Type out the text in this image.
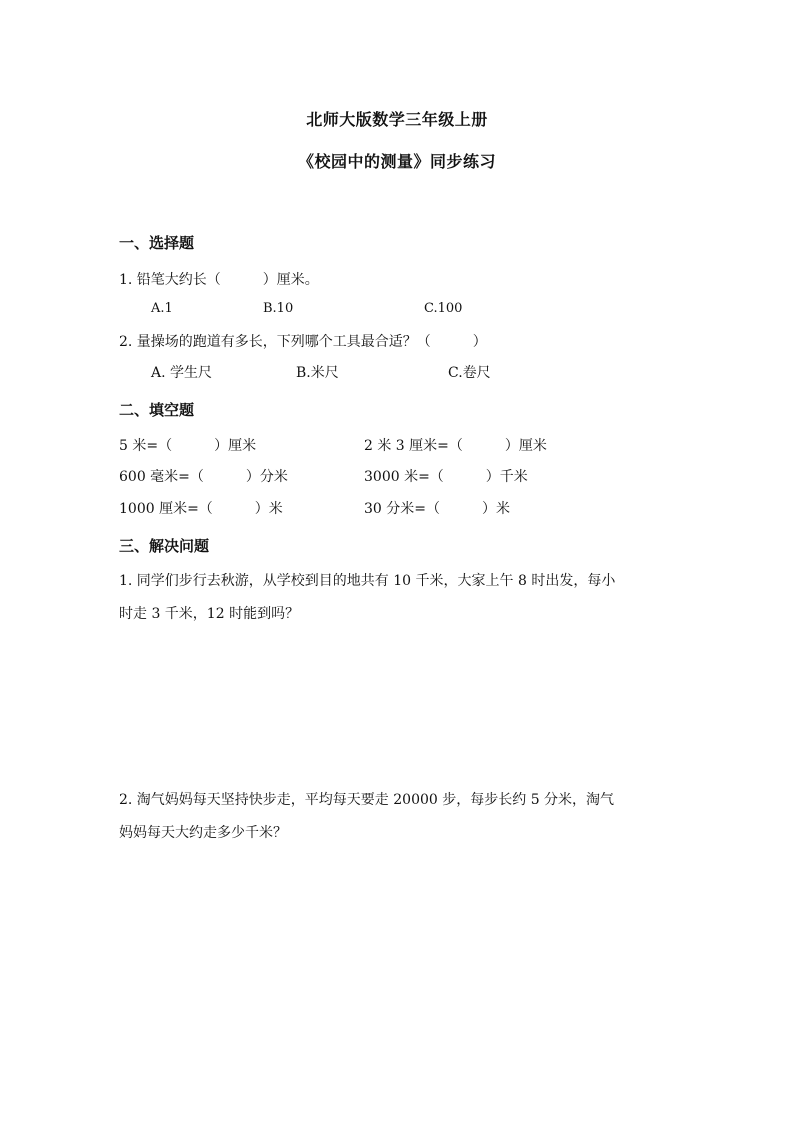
北师大版数学三年级上册
《校园中的测量》同步练习
一、选择题
1. 铅笔大约长（　　　）厘米。
A.1	B.10	C.100
2. 量操场的跑道有多长，下列哪个工具最合适？（　　　）
A. 学生尺	B.米尺	C.卷尺
二、填空题
5 米=（　　　）厘米	2 米 3 厘米=（　　　）厘米
600 毫米=（　　　）分米	3000 米=（　　　）千米
1000 厘米=（　　　）米	30 分米=（　　　）米
三、解决问题
1. 同学们步行去秋游，从学校到目的地共有 10 千米，大家上午 8 时出发，每小
时走 3 千米，12 时能到吗？
2. 淘气妈妈每天坚持快步走，平均每天要走 20000 步，每步长约 5 分米，淘气
妈妈每天大约走多少千米？
